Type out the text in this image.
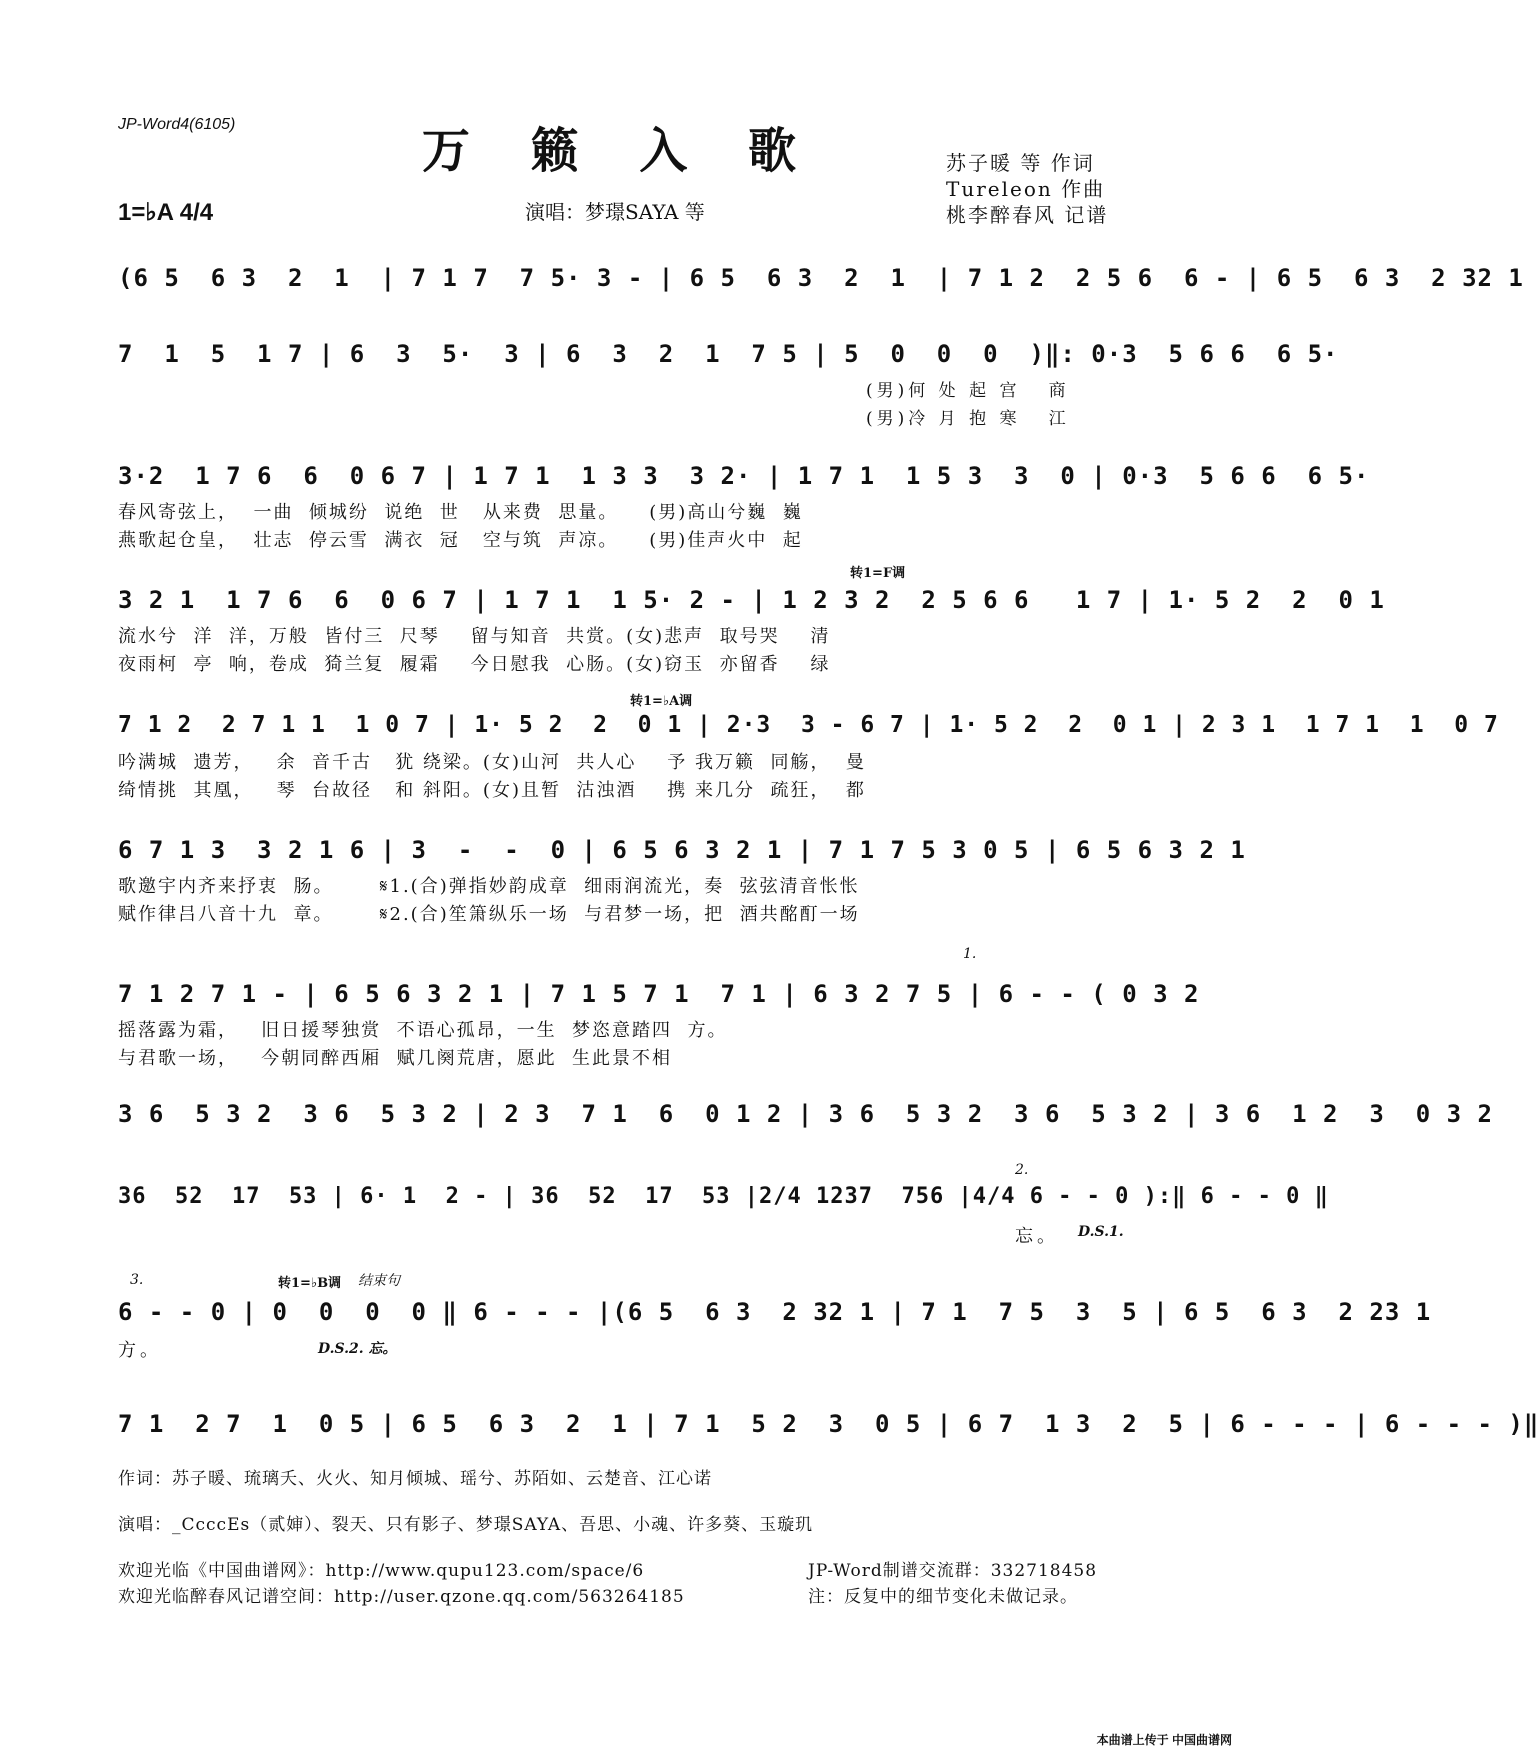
JP-Word4(6105)	万 籁 入 歌
1=♭A 4/4	演唱：梦璟SAYA 等
苏子暖 等 作词
Tureleon 作曲
桃李醉春风 记谱
(6 5  6 3  2  1  | 7 1 7  7 5· 3 - | 6 5  6 3  2  1  | 7 1 2  2 5 6  6 - | 6 5  6 3  2 32 1
7  1  5  1 7 | 6  3  5·  3 | 6  3  2  1  7 5 | 5  0  0  0  )‖: 0·3  5 6 6  6 5·
(男)何 处 起 宫   商
(男)冷 月 抱 寒   江
3·2  1 7 6  6  0 6 7 | 1 7 1  1 3 3  3 2· | 1 7 1  1 5 3  3  0 | 0·3  5 6 6  6 5·
春风寄弦上，  一曲  倾城纷  说绝  世   从来费  思量。    (男)高山兮巍  巍
燕歌起仓皇，  壮志  停云雪  满衣  冠   空与筑  声凉。    (男)佳声火中  起
转1=F调
3 2 1  1 7 6  6  0 6 7 | 1 7 1  1 5· 2 - | 1 2 3 2  2 5 6 6   1 7 | 1· 5 2  2  0 1
流水兮  洋  洋，万般  皆付三  尺琴    留与知音  共赏。(女)悲声  取号哭    清
夜雨柯  亭  响，卷成  猗兰复  履霜    今日慰我  心肠。(女)窃玉  亦留香    绿
转1=♭A调
7 1 2  2 7 1 1  1 0 7 | 1· 5 2  2  0 1 | 2·3  3 - 6 7 | 1· 5 2  2  0 1 | 2 3 1  1 7 1  1  0 7
吟满城  遗芳，   余  音千古   犹 绕梁。(女)山河  共人心    予 我万籁  同觞，  曼
绮情挑  其凰，   琴  台故径   和 斜阳。(女)且暂  沽浊酒    携 来几分  疏狂，  都
6 7 1 3  3 2 1 6 | 3  -  -  0 | 6 5 6 3 2 1 | 7 1 7 5 3 0 5 | 6 5 6 3 2 1
歌邀宇内齐来抒衷  肠。      𝄋1.(合)弹指妙韵成章  细雨润流光，奏  弦弦清音怅怅
赋作律吕八音十九  章。      𝄋2.(合)笙箫纵乐一场  与君梦一场，把  酒共酩酊一场
1.
7 1 2 7 1 - | 6 5 6 3 2 1 | 7 1 5 7 1  7 1 | 6 3 2 7 5 | 6 - - ( 0 3 2
摇落露为霜，   旧日援琴独赏  不语心孤昂，一生  梦恣意踏四  方。
与君歌一场，   今朝同醉西厢  赋几阕荒唐，愿此  生此景不相
3 6  5 3 2  3 6  5 3 2 | 2 3  7 1  6  0 1 2 | 3 6  5 3 2  3 6  5 3 2 | 3 6  1 2  3  0 3 2
2.
36  52  17  53 | 6· 1  2 - | 36  52  17  53 |2/4 1237  756 |4/4 6 - - 0 ):‖ 6 - - 0 ‖
忘。 D.S.1.
3.	转1=♭B调 结束句
6 - - 0 | 0  0  0  0 ‖ 6 - - - |(6 5  6 3  2 32 1 | 7 1  7 5  3  5 | 6 5  6 3  2 23 1
方。	D.S.2. 忘。
7 1  2 7  1  0 5 | 6 5  6 3  2  1 | 7 1  5 2  3  0 5 | 6 7  1 3  2  5 | 6 - - - | 6 - - - )‖
作词：苏子暖、琉璃夭、火火、知月倾城、瑶兮、苏陌如、云楚音、江心诺
演唱：_CcccEs（贰婶）、裂天、只有影子、梦璟SAYA、吾思、小魂、许多葵、玉璇玑
欢迎光临《中国曲谱网》：http://www.qupu123.com/space/6
欢迎光临醉春风记谱空间：http://user.qzone.qq.com/563264185
JP-Word制谱交流群：332718458
注：反复中的细节变化未做记录。
本曲谱上传于 中国曲谱网
